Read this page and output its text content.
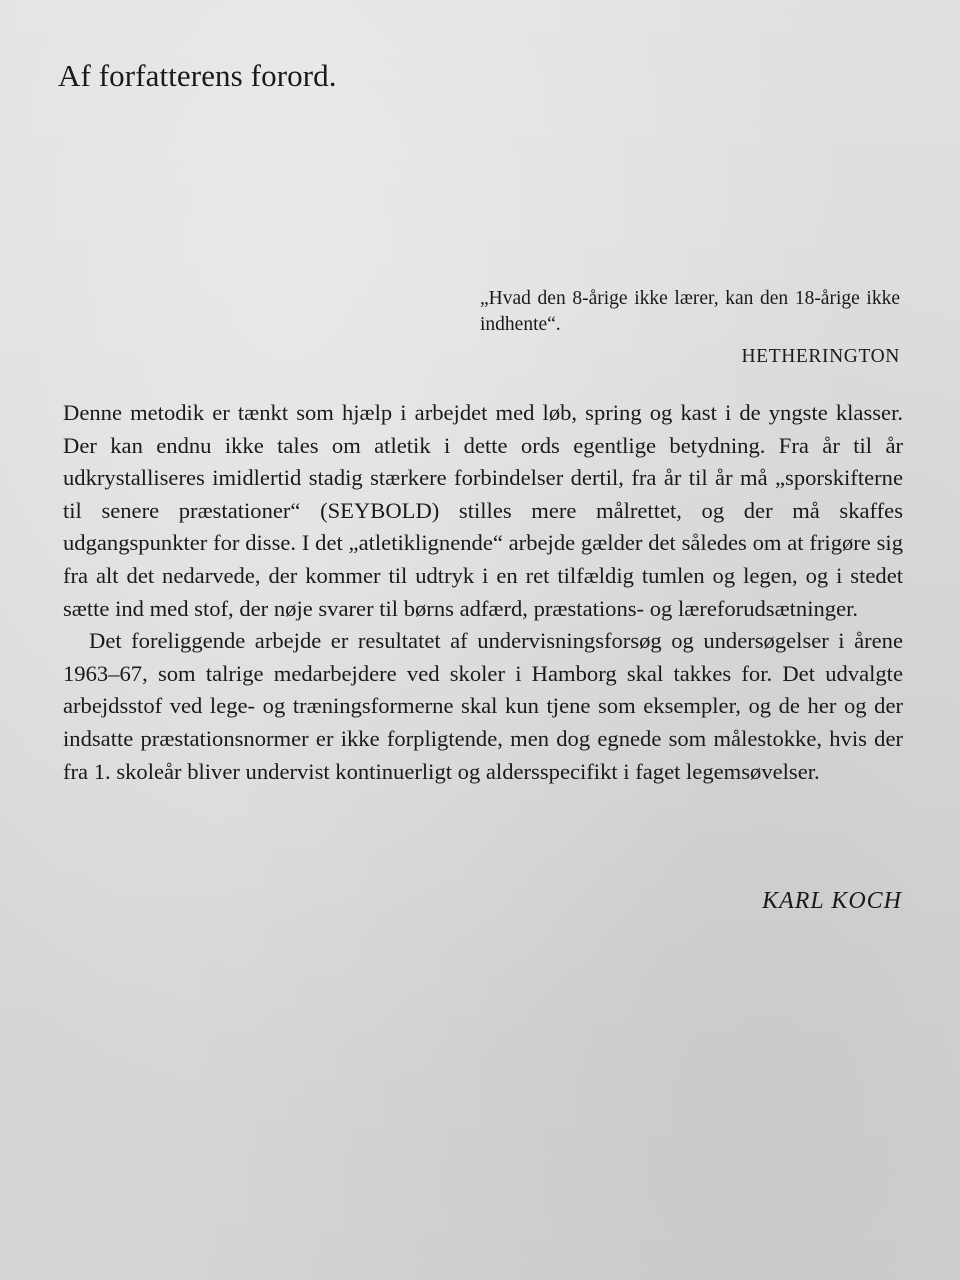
Af forfatterens forord.

„Hvad den 8-årige ikke lærer, kan den 18-årige ikke indhente“.

HETHERINGTON

Denne metodik er tænkt som hjælp i arbejdet med løb, spring og kast i de yngste klasser. Der kan endnu ikke tales om atletik i dette ords egentlige betydning. Fra år til år udkrystalliseres imidlertid stadig stærkere forbindelser dertil, fra år til år må „sporskifterne til senere præstationer“ (SEYBOLD) stilles mere målrettet, og der må skaffes udgangspunkter for disse. I det „atletiklignende“ arbejde gælder det således om at frigøre sig fra alt det nedarvede, der kommer til udtryk i en ret tilfældig tumlen og legen, og i stedet sætte ind med stof, der nøje svarer til børns adfærd, præstations- og læreforudsætninger.

Det foreliggende arbejde er resultatet af undervisningsforsøg og undersøgelser i årene 1963–67, som talrige medarbejdere ved skoler i Hamborg skal takkes for. Det udvalgte arbejdsstof ved lege- og træningsformerne skal kun tjene som eksempler, og de her og der indsatte præstationsnormer er ikke forpligtende, men dog egnede som målestokke, hvis der fra 1. skoleår bliver undervist kontinuerligt og aldersspecifikt i faget legemsøvelser.

KARL KOCH
